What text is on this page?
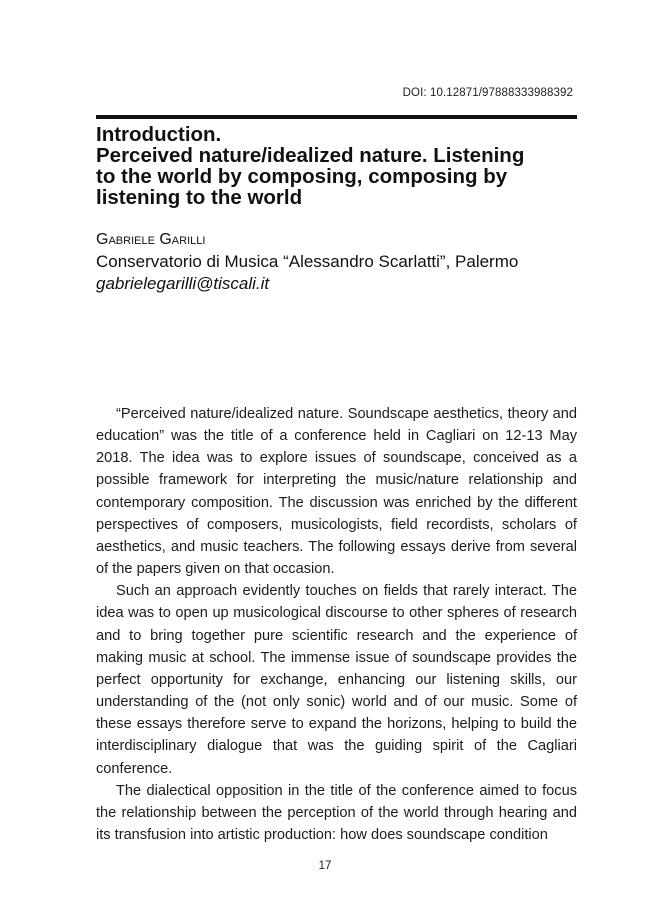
DOI: 10.12871/97888333988392
Introduction.
Perceived nature/idealized nature. Listening
to the world by composing, composing by
listening to the world
Gabriele Garilli
Conservatorio di Musica “Alessandro Scarlatti”, Palermo
gabrielegarilli@tiscali.it

“Perceived nature/idealized nature. Soundscape aesthetics, theory and education” was the title of a conference held in Cagliari on 12-13 May 2018. The idea was to explore issues of soundscape, conceived as a possible framework for interpreting the music/nature relationship and contemporary composition. The discussion was enriched by the different perspectives of composers, musicologists, field recordists, scholars of aesthetics, and music teachers. The following essays derive from several of the papers given on that occasion.

Such an approach evidently touches on fields that rarely interact. The idea was to open up musicological discourse to other spheres of research and to bring together pure scientific research and the experience of making music at school. The immense issue of soundscape provides the perfect opportunity for exchange, enhancing our listening skills, our understanding of the (not only sonic) world and of our music. Some of these essays therefore serve to expand the horizons, helping to build the interdisciplinary dialogue that was the guiding spirit of the Cagliari conference.

The dialectical opposition in the title of the conference aimed to focus the relationship between the perception of the world through hearing and its transfusion into artistic production: how does soundscape condition

17
